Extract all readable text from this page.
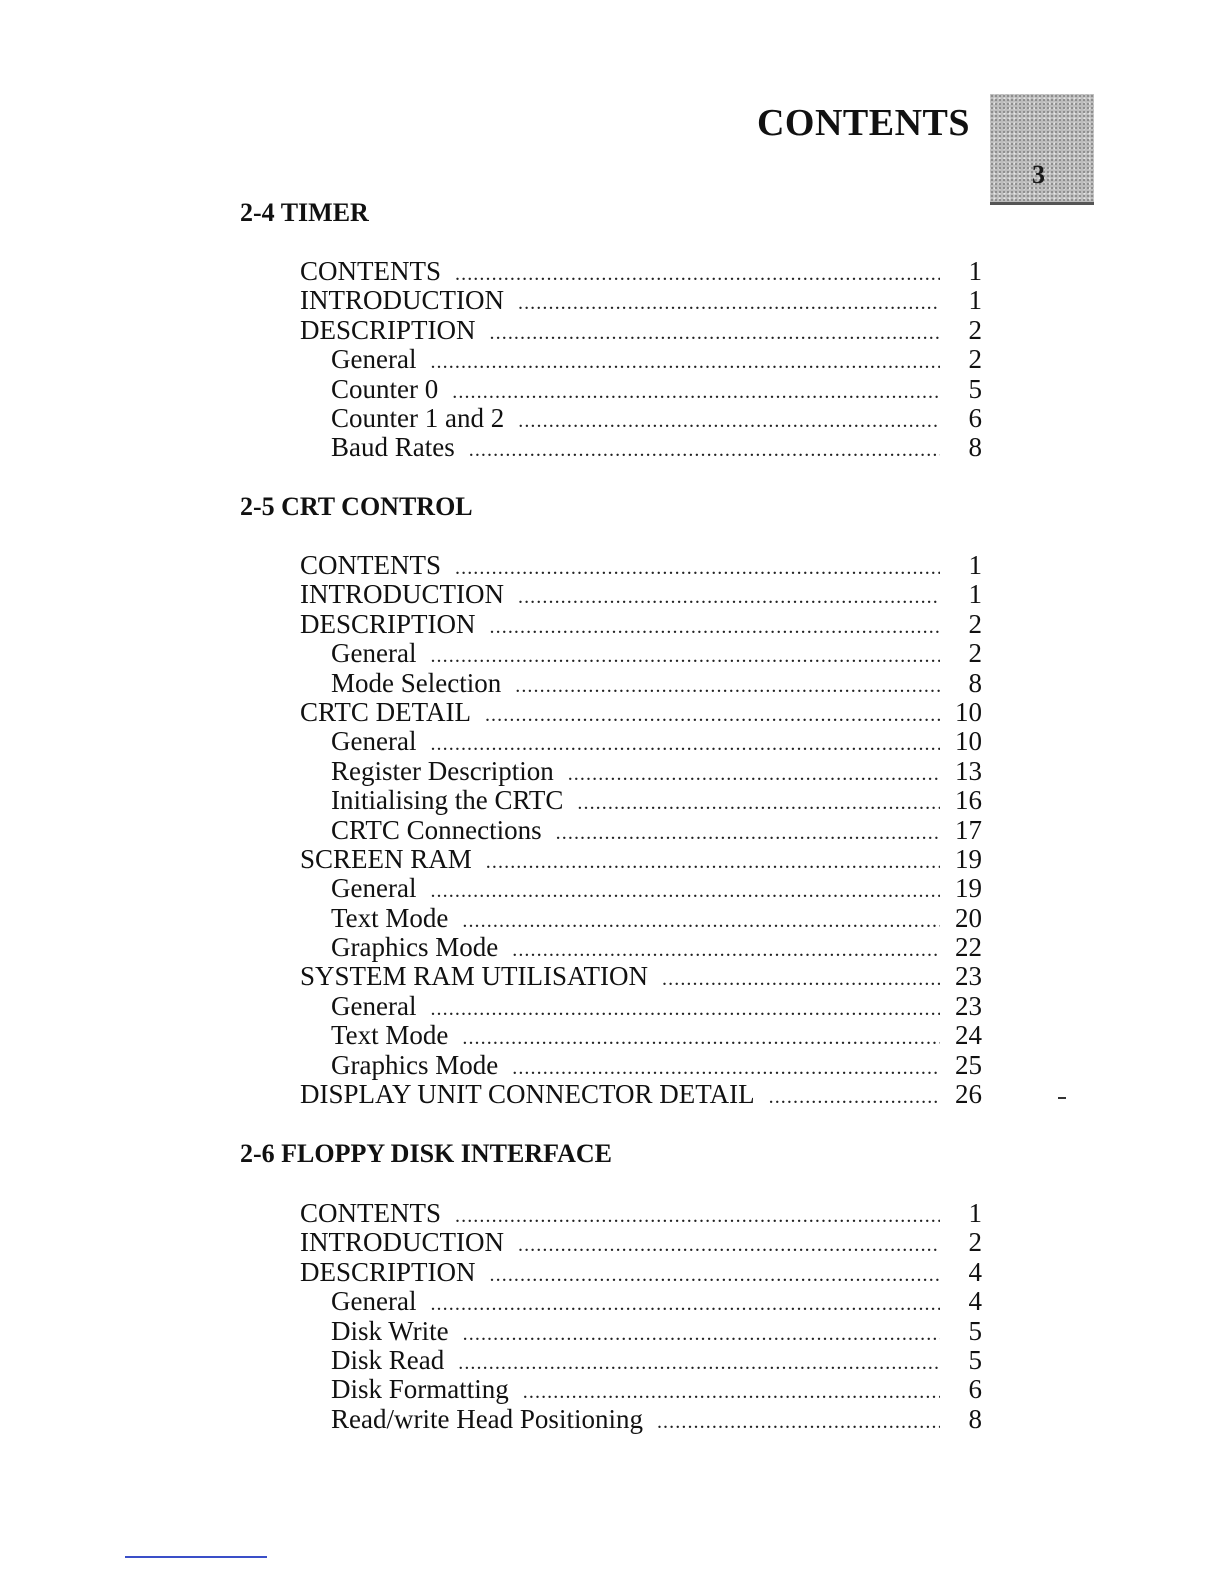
CONTENTS
3
2-4 TIMER
CONTENTS .....	1
INTRODUCTION .....	1
DESCRIPTION .....	2
General .....	2
Counter 0 .....	5
Counter 1 and 2 .....	6
Baud Rates .....	8
2-5 CRT CONTROL
CONTENTS .....	1
INTRODUCTION .....	1
DESCRIPTION .....	2
General .....	2
Mode Selection .....	8
CRTC DETAIL .....	10
General .....	10
Register Description .....	13
Initialising the CRTC .....	16
CRTC Connections .....	17
SCREEN RAM .....	19
General .....	19
Text Mode .....	20
Graphics Mode .....	22
SYSTEM RAM UTILISATION .....	23
General .....	23
Text Mode .....	24
Graphics Mode .....	25
DISPLAY UNIT CONNECTOR DETAIL .....	26
2-6 FLOPPY DISK INTERFACE
CONTENTS .....	1
INTRODUCTION .....	2
DESCRIPTION .....	4
General .....	4
Disk Write .....	5
Disk Read .....	5
Disk Formatting .....	6
Read/write Head Positioning .....	8
